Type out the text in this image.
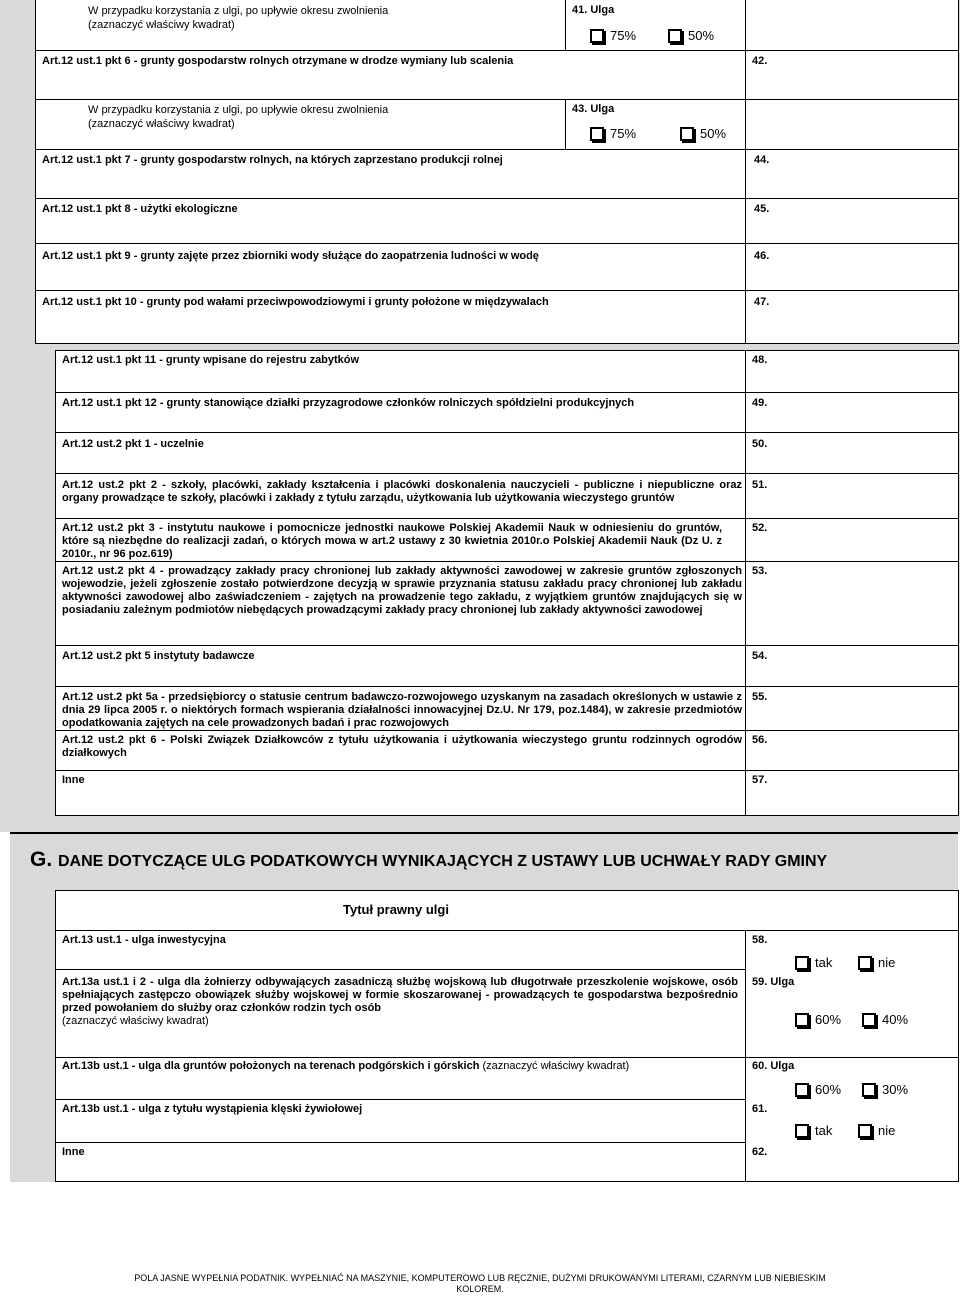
W przypadku korzystania z ulgi, po upływie okresu zwolnienia
(zaznaczyć właściwy kwadrat)
41. Ulga
75%	50%
Art.12 ust.1 pkt 6 - grunty gospodarstw rolnych otrzymane w drodze wymiany lub scalenia	42.
W przypadku korzystania z ulgi, po upływie okresu zwolnienia
(zaznaczyć właściwy kwadrat)
43. Ulga
75%	50%
Art.12 ust.1 pkt 7 - grunty gospodarstw rolnych, na których zaprzestano produkcji rolnej	44.
Art.12 ust.1 pkt 8 - użytki ekologiczne	45.
Art.12 ust.1 pkt 9 - grunty zajęte przez zbiorniki wody służące do zaopatrzenia ludności w wodę	46.
Art.12 ust.1 pkt 10 - grunty pod wałami przeciwpowodziowymi i grunty położone w międzywalach	47.
Art.12 ust.1 pkt 11 - grunty wpisane do rejestru zabytków	48.
Art.12 ust.1 pkt 12 - grunty stanowiące działki przyzagrodowe członków rolniczych spółdzielni produkcyjnych	49.
Art.12 ust.2 pkt 1 - uczelnie	50.
Art.12 ust.2 pkt 2 - szkoły, placówki, zakłady kształcenia i placówki doskonalenia nauczycieli - publiczne i niepubliczne oraz organy prowadzące te szkoły, placówki i zakłady z tytułu zarządu, użytkowania lub użytkowania wieczystego gruntów
51.
Art.12 ust.2 pkt 3 - instytutu naukowe i pomocnicze jednostki naukowe Polskiej Akademii Nauk w odniesieniu do gruntów, które są niezbędne do realizacji zadań, o których mowa w art.2 ustawy z 30 kwietnia 2010r.o Polskiej Akademii Nauk (Dz U. z 2010r., nr 96 poz.619)
52.
Art.12 ust.2 pkt 4 - prowadzący zakłady pracy chronionej lub zakłady aktywności zawodowej w zakresie gruntów zgłoszonych wojewodzie, jeżeli zgłoszenie zostało potwierdzone decyzją w sprawie przyznania statusu zakładu pracy chronionej lub zakładu aktywności zawodowej albo zaświadczeniem - zajętych na prowadzenie tego zakładu, z wyjątkiem gruntów znajdujących się w posiadaniu zależnym podmiotów niebędących prowadzącymi zakłady pracy chronionej lub zakłady aktywności zawodowej
53.
Art.12 ust.2 pkt 5 instytuty badawcze	54.
Art.12 ust.2 pkt 5a - przedsiębiorcy o statusie centrum badawczo-rozwojowego uzyskanym na zasadach określonych w ustawie z dnia 29 lipca 2005 r. o niektórych formach wspierania działalności innowacyjnej Dz.U. Nr 179, poz.1484), w zakresie przedmiotów opodatkowania zajętych na cele prowadzonych badań i prac rozwojowych
55.
Art.12 ust.2 pkt 6 - Polski Związek Działkowców z tytułu użytkowania i użytkowania wieczystego gruntu rodzinnych ogrodów działkowych
56.
Inne	57.
G. DANE DOTYCZĄCE ULG PODATKOWYCH WYNIKAJĄCYCH Z USTAWY LUB UCHWAŁY RADY GMINY
Tytuł prawny ulgi
Art.13 ust.1 - ulga inwestycyjna	58.
tak	nie
Art.13a ust.1 i 2 - ulga dla żołnierzy odbywających zasadniczą służbę wojskową lub długotrwałe przeszkolenie wojskowe, osób spełniających zastępczo obowiązek służby wojskowej w formie skoszarowanej - prowadzących te gospodarstwa bezpośrednio przed powołaniem do służby oraz członków rodzin tych osób
(zaznaczyć właściwy kwadrat)
59. Ulga
60%	40%
Art.13b ust.1 - ulga dla gruntów położonych na terenach podgórskich i górskich (zaznaczyć właściwy kwadrat)	60. Ulga
60%	30%
Art.13b ust.1 - ulga z tytułu wystąpienia klęski żywiołowej	61.
tak	nie
Inne	62.
POLA JASNE WYPEŁNIA PODATNIK. WYPEŁNIAĆ NA MASZYNIE, KOMPUTEROWO LUB RĘCZNIE, DUŻYMI DRUKOWANYMI LITERAMI, CZARNYM LUB NIEBIESKIM
KOLOREM.
